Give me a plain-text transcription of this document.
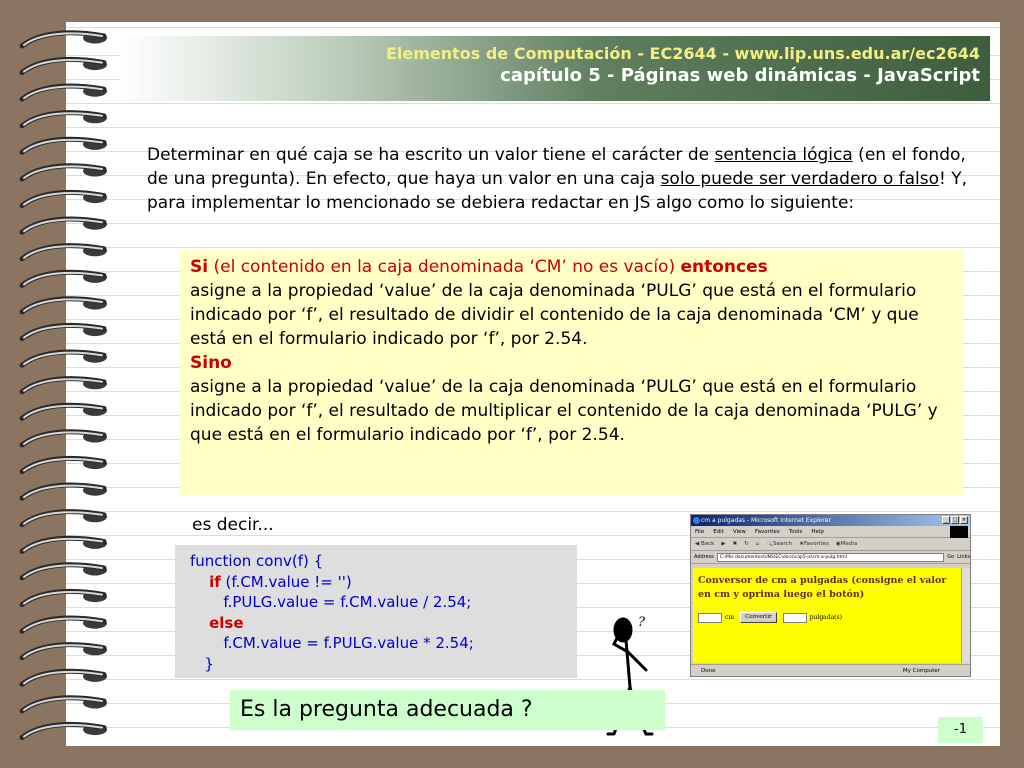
Elementos de Computación - EC2644 - www.lip.uns.edu.ar/ec2644
capítulo 5 - Páginas web dinámicas - JavaScript
Determinar en qué caja se ha escrito un valor tiene el carácter de sentencia lógica (en el fondo, de una pregunta). En efecto, que haya un valor en una caja solo puede ser verdadero o falso! Y, para implementar lo mencionado se debiera redactar en JS algo como lo siguiente:
Si (el contenido en la caja denominada ‘CM’ no es vacío) entonces
asigne a la propiedad ‘value’ de la caja denominada ‘PULG’ que está en el formulario indicado por ‘f’, el resultado de dividir el contenido de la caja denominada ‘CM’ y que está en el formulario indicado por ‘f’, por 2.54.
Sino
asigne a la propiedad ‘value’ de la caja denominada ‘PULG’ que está en el formulario indicado por ‘f’, el resultado de multiplicar el contenido de la caja denominada ‘PULG’ y que está en el formulario indicado por ‘f’, por 2.54.
es decir...
function conv(f) {
if (f.CM.value != '')
f.PULG.value = f.CM.value / 2.54;
else
f.CM.value = f.PULG.value * 2.54;
}
cm a pulgadas - Microsoft Internet Explorer	_	□ ×
File Edit View Favorites Tools Help
◀ Back ▶ ✖ ↻ ⌂ 🔍Search ★Favorites ◉Media
Address	C:\Mis documentos\UNS\EC\docs\cap5-js\cm-a-pulg.html	Go Links
Conversor de cm a pulgadas (consigne el valor en cm y oprima luego el botón)
cm	Convertir	pulgada(s)
Done	My Computer
?
Es la pregunta adecuada ?
-1
